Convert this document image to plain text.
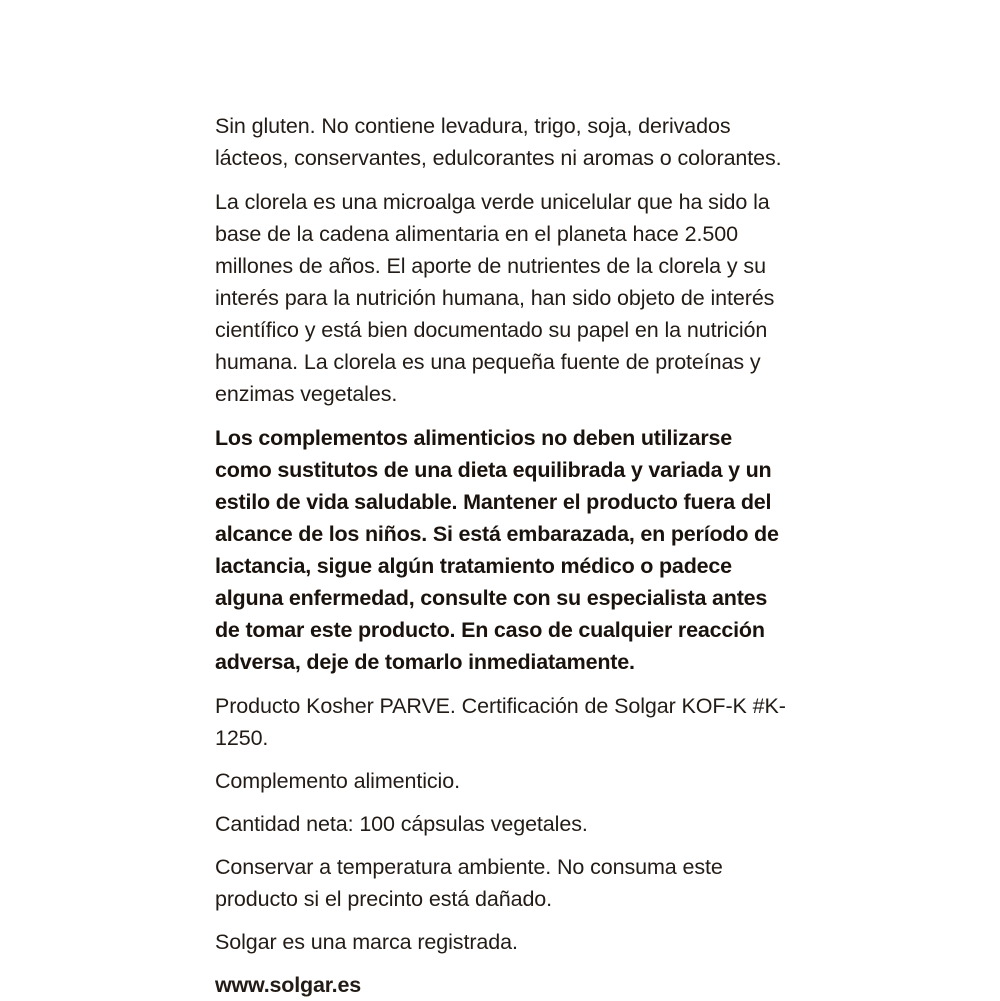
Sin gluten. No contiene levadura, trigo, soja, derivados lácteos, conservantes, edulcorantes ni aromas o colorantes.

La clorela es una microalga verde unicelular que ha sido la base de la cadena alimentaria en el planeta hace 2.500 millones de años. El aporte de nutrientes de la clorela y su interés para la nutrición humana, han sido objeto de interés científico y está bien documentado su papel en la nutrición humana. La clorela es una pequeña fuente de proteínas y enzimas vegetales.

Los complementos alimenticios no deben utilizarse como sustitutos de una dieta equilibrada y variada y un estilo de vida saludable. Mantener el producto fuera del alcance de los niños. Si está embarazada, en período de lactancia, sigue algún tratamiento médico o padece alguna enfermedad, consulte con su especialista antes de tomar este producto. En caso de cualquier reacción adversa, deje de tomarlo inmediatamente.

Producto Kosher PARVE. Certificación de Solgar KOF-K #K-1250.

Complemento alimenticio.

Cantidad neta: 100 cápsulas vegetales.

Conservar a temperatura ambiente. No consuma este producto si el precinto está dañado.

Solgar es una marca registrada.

www.solgar.es
